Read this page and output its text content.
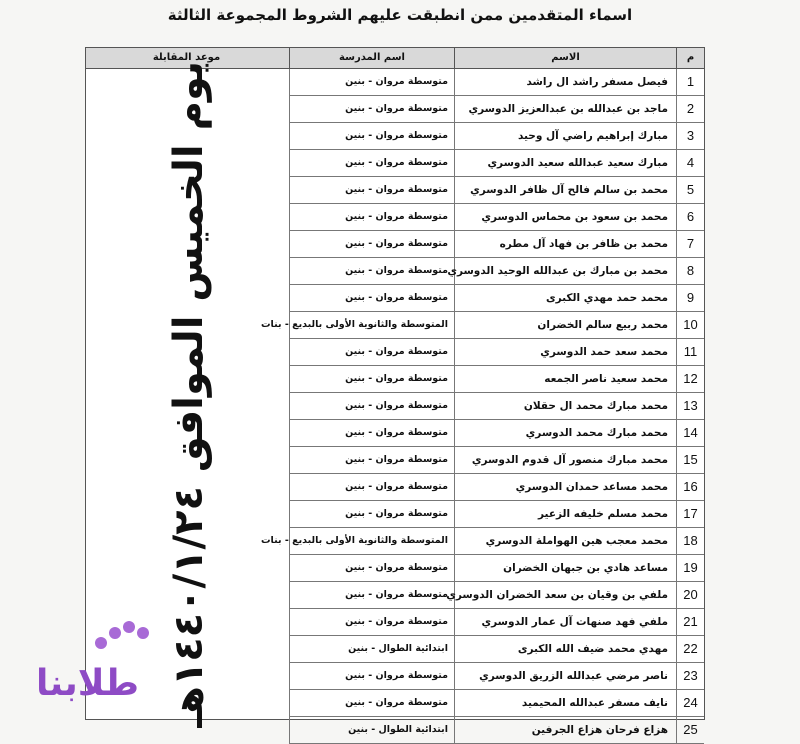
اسماء المتقدمين ممن انطبقت عليهم الشروط المجموعة الثالثة
م
الاسم
اسم المدرسة
موعد المقابلة
1
فيصل مسفر راشد ال راشد
متوسطة مروان - بنين
2
ماجد بن عبدالله بن عبدالعزيز الدوسري
متوسطة مروان - بنين
3
مبارك إبراهيم راضي آل وحيد
متوسطة مروان - بنين
4
مبارك سعيد عبدالله سعيد الدوسري
متوسطة مروان - بنين
5
محمد بن سالم فالح آل ظافر الدوسري
متوسطة مروان - بنين
6
محمد بن سعود بن محماس الدوسري
متوسطة مروان - بنين
7
محمد بن ظافر بن فهاد آل مطره
متوسطة مروان - بنين
8
محمد بن مبارك بن عبدالله الوحيد الدوسري
متوسطة مروان - بنين
9
محمد حمد مهدي الكبرى
متوسطة مروان - بنين
10
محمد ربيع سالم الخضران
المتوسطة والثانوية الأولى بالبديع - بنات
11
محمد سعد حمد الدوسري
متوسطة مروان - بنين
12
محمد سعيد ناصر الجمعه
متوسطة مروان - بنين
13
محمد مبارك محمد ال حقلان
متوسطة مروان - بنين
14
محمد مبارك محمد الدوسري
متوسطة مروان - بنين
15
محمد مبارك منصور آل قدوم الدوسري
متوسطة مروان - بنين
16
محمد مساعد حمدان الدوسري
متوسطة مروان - بنين
17
محمد مسلم خليفه الزعير
متوسطة مروان - بنين
18
محمد معجب هين الهواملة الدوسري
المتوسطة والثانوية الأولى بالبديع - بنات
19
مساعد هادي بن جبهان الخضران
متوسطة مروان - بنين
20
ملفي بن وقيان بن سعد الخضران الدوسري
متوسطة مروان - بنين
21
ملفي فهد صنهات آل عمار الدوسري
متوسطة مروان - بنين
22
مهدي محمد ضيف الله الكبرى
ابتدائية الطوال - بنين
23
ناصر مرضي عبدالله الزريق الدوسري
متوسطة مروان - بنين
24
نايف مسفر عبدالله المحيميد
متوسطة مروان - بنين
25
هزاع فرحان هزاع الجرفين
ابتدائية الطوال - بنين
يوم الخميس الموافق ١٤٤٠/١/٢٤هـ
طلابنا
